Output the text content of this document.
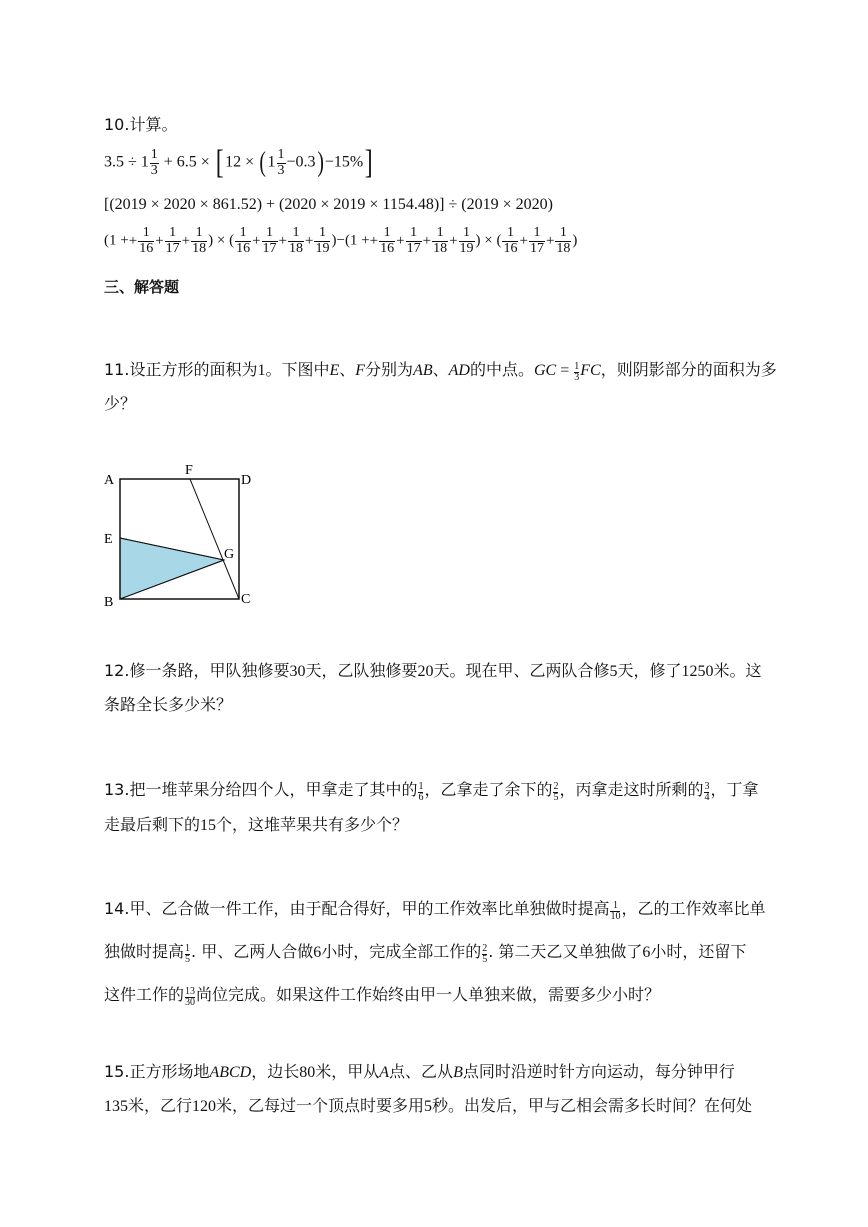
10.计算。
$3.5 \div 1 \frac{1}{3} + 6.5$ × [ $12 \times (1 \frac{1}{3} -0.3)-15\%$]
[(2019 × 2020 × 861.52) + (2020 × 2019 × 1154.48)] ÷ (2019 × 2020)
($1 ++ \frac{1}{16} + \frac{1}{17} + \frac{1}{18}$ ) × ( $\frac{1}{16} + \frac{1}{17} + \frac{1}{18} + \frac{1}{19} )-(1 ++ \frac{1}{16} + \frac{1}{17} + \frac{1}{18} + \frac{1}{19}$ ) × ( $\frac{1}{16} + \frac{1}{17} + \frac{1}{18}$ )
三、解答题
11.设正方形的面积为1。下图中E、F分别为AB、AD的中点。GC = $\frac{1}{3}$ FC，则阴影部分的面积为多
少？
A
F
D
E
G
B	C
12.修一条路，甲队独修要30天，乙队独修要20天。现在甲、乙两队合修5天，修了1250米。这
条路全长多少米？
13.把一堆苹果分给四个人，甲拿走了其中的 $\frac{1}{6}$ ，乙拿走了余下的 $\frac{2}{5}$ ，丙拿走这时所剩的 $\frac{3}{4}$ ，丁拿
走最后剩下的15个，这堆苹果共有多少个？
14.甲、乙合做一件工作，由于配合得好，甲的工作效率比单独做时提高 $\frac{1}{10}$ ，乙的工作效率比单
独做时提高 $\frac{1}{5}$ . 甲、乙两人合做6小时，完成全部工作的 $\frac{2}{5}$ . 第二天乙又单独做了6小时，还留下
这件工作的 $\frac{13}{30}$ 尚位完成。如果这件工作始终由甲一人单独来做，需要多少小时？
15.正方形场地ABCD，边长80米，甲从A点、乙从B点同时沿逆时针方向运动，每分钟甲行
135米，乙行120米，乙每过一个顶点时要多用5秒。出发后，甲与乙相会需多长时间？在何处
